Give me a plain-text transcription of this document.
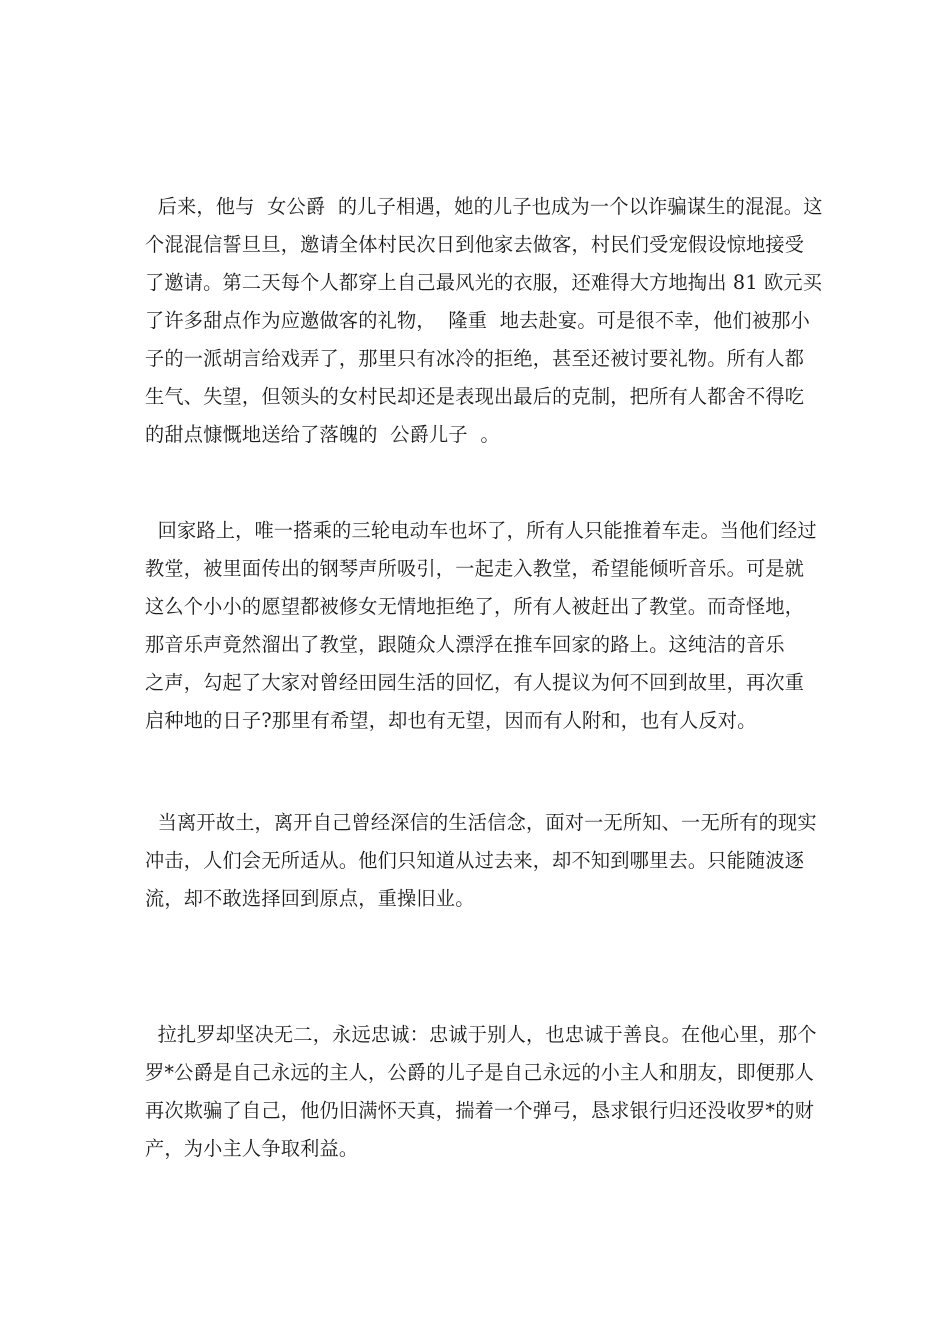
后来，他与  女公爵  的儿子相遇，她的儿子也成为一个以诈骗谋生的混混。这
个混混信誓旦旦，邀请全体村民次日到他家去做客，村民们受宠假设惊地接受
了邀请。第二天每个人都穿上自己最风光的衣服，还难得大方地掏出 81 欧元买
了许多甜点作为应邀做客的礼物，  隆重  地去赴宴。可是很不幸，他们被那小
子的一派胡言给戏弄了，那里只有冰冷的拒绝，甚至还被讨要礼物。所有人都
生气、失望，但领头的女村民却还是表现出最后的克制，把所有人都舍不得吃
的甜点慷慨地送给了落魄的  公爵儿子  。

回家路上，唯一搭乘的三轮电动车也坏了，所有人只能推着车走。当他们经过
教堂，被里面传出的钢琴声所吸引，一起走入教堂，希望能倾听音乐。可是就
这么个小小的愿望都被修女无情地拒绝了，所有人被赶出了教堂。而奇怪地，
那音乐声竟然溜出了教堂，跟随众人漂浮在推车回家的路上。这纯洁的音乐
之声，勾起了大家对曾经田园生活的回忆，有人提议为何不回到故里，再次重
启种地的日子?那里有希望，却也有无望，因而有人附和，也有人反对。

当离开故土，离开自己曾经深信的生活信念，面对一无所知、一无所有的现实
冲击，人们会无所适从。他们只知道从过去来，却不知到哪里去。只能随波逐
流，却不敢选择回到原点，重操旧业。

拉扎罗却坚决无二，永远忠诚：忠诚于别人，也忠诚于善良。在他心里，那个
罗*公爵是自己永远的主人，公爵的儿子是自己永远的小主人和朋友，即便那人
再次欺骗了自己，他仍旧满怀天真，揣着一个弹弓，恳求银行归还没收罗*的财
产，为小主人争取利益。
